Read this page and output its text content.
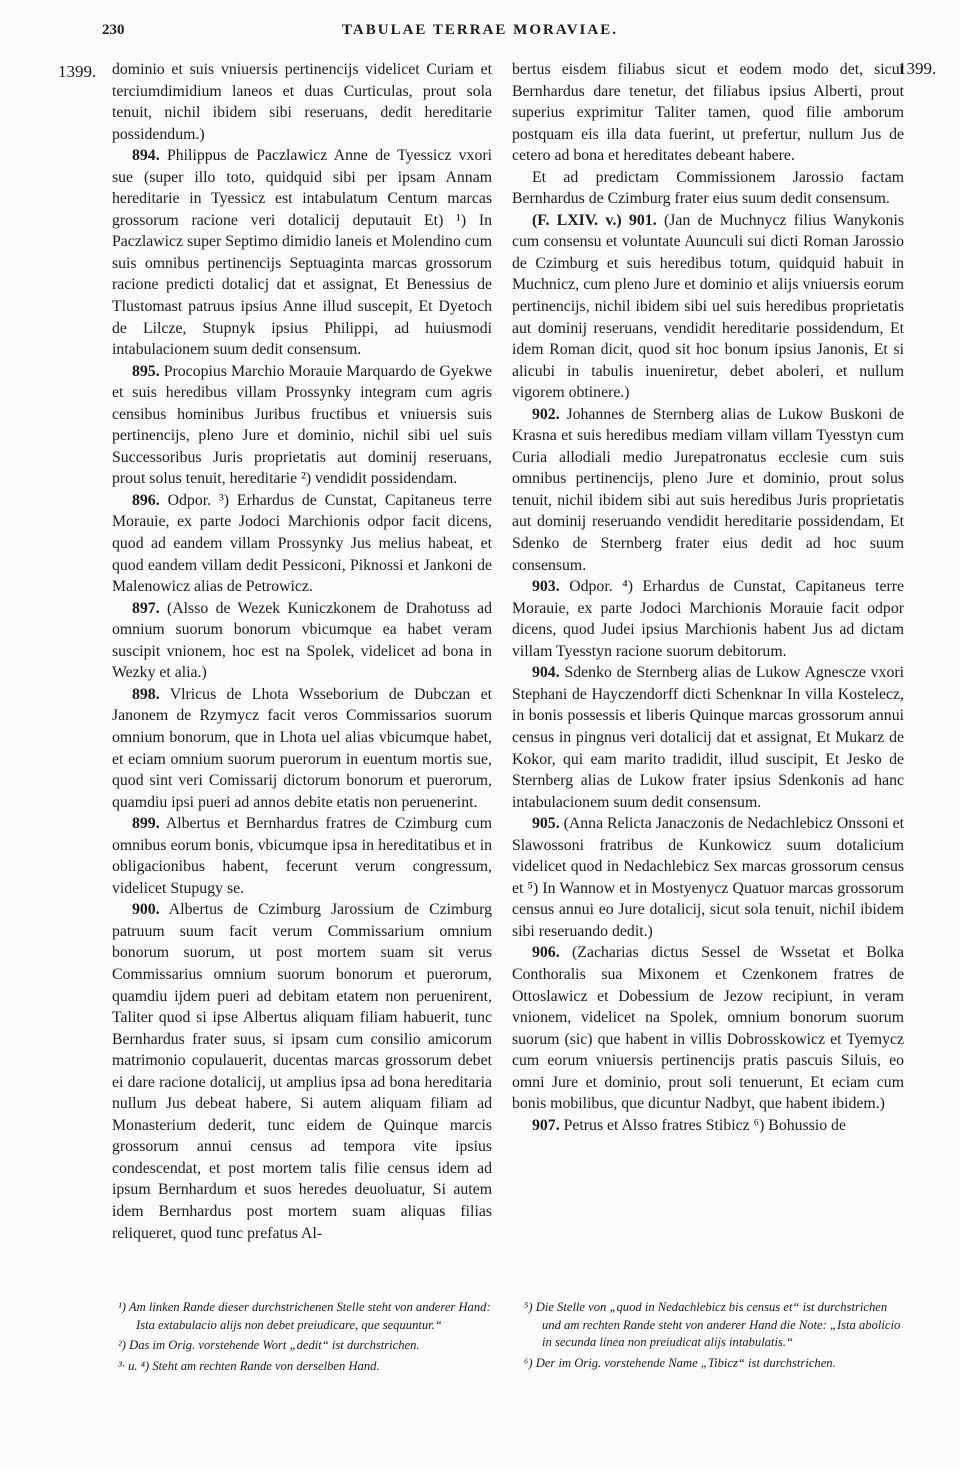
230	TABULAE TERRAE MORAVIAE.
1399.	1399.

dominio et suis vniuersis pertinencijs videlicet Curiam et terciumdimidium laneos et duas Curticulas, prout sola tenuit, nichil ibidem sibi reseruans, dedit hereditarie possidendum.)

894. Philippus de Paczlawicz Anne de Tyessicz vxori sue (super illo toto, quidquid sibi per ipsam Annam hereditarie in Tyessicz est intabulatum Centum marcas grossorum racione veri dotalicij deputauit Et) ¹) In Paczlawicz super Septimo dimidio laneis et Molendino cum suis omnibus pertinencijs Septuaginta marcas grossorum racione predicti dotalicj dat et assignat, Et Benessius de Tlustomast patruus ipsius Anne illud suscepit, Et Dyetoch de Lilcze, Stupnyk ipsius Philippi, ad huiusmodi intabulacionem suum dedit consensum.

895. Procopius Marchio Morauie Marquardo de Gyekwe et suis heredibus villam Prossynky integram cum agris censibus hominibus Juribus fructibus et vniuersis suis pertinencijs, pleno Jure et dominio, nichil sibi uel suis Successoribus Juris proprietatis aut dominij reseruans, prout solus tenuit, hereditarie ²) vendidit possidendam.

896. Odpor. ³) Erhardus de Cunstat, Capitaneus terre Morauie, ex parte Jodoci Marchionis odpor facit dicens, quod ad eandem villam Prossynky Jus melius habeat, et quod eandem villam dedit Pessiconi, Piknossi et Jankoni de Malenowicz alias de Petrowicz.

897. (Alsso de Wezek Kuniczkonem de Drahotuss ad omnium suorum bonorum vbicumque ea habet veram suscipit vnionem, hoc est na Spolek, videlicet ad bona in Wezky et alia.)

898. Vlricus de Lhota Wsseborium de Dubczan et Janonem de Rzymycz facit veros Commissarios suorum omnium bonorum, que in Lhota uel alias vbicumque habet, et eciam omnium suorum puerorum in euentum mortis sue, quod sint veri Comissarij dictorum bonorum et puerorum, quamdiu ipsi pueri ad annos debite etatis non peruenerint.

899. Albertus et Bernhardus fratres de Czimburg cum omnibus eorum bonis, vbicumque ipsa in hereditatibus et in obligacionibus habent, fecerunt verum congressum, videlicet Stupugy se.

900. Albertus de Czimburg Jarossium de Czimburg patruum suum facit verum Commissarium omnium bonorum suorum, ut post mortem suam sit verus Commissarius omnium suorum bonorum et puerorum, quamdiu ijdem pueri ad debitam etatem non peruenirent, Taliter quod si ipse Albertus aliquam filiam habuerit, tunc Bernhardus frater suus, si ipsam cum consilio amicorum matrimonio copulauerit, ducentas marcas grossorum debet ei dare racione dotalicij, ut amplius ipsa ad bona hereditaria nullum Jus debeat habere, Si autem aliquam filiam ad Monasterium dederit, tunc eidem de Quinque marcis grossorum annui census ad tempora vite ipsius condescendat, et post mortem talis filie census idem ad ipsum Bernhardum et suos heredes deuoluatur, Si autem idem Bernhardus post mortem suam aliquas filias reliqueret, quod tunc prefatus Al-

bertus eisdem filiabus sicut et eodem modo det, sicut Bernhardus dare tenetur, det filiabus ipsius Alberti, prout superius exprimitur Taliter tamen, quod filie amborum postquam eis illa data fuerint, ut prefertur, nullum Jus de cetero ad bona et hereditates debeant habere.

Et ad predictam Commissionem Jarossio factam Bernhardus de Czimburg frater eius suum dedit consensum.

(F. LXIV. v.) 901. (Jan de Muchnycz filius Wanykonis cum consensu et voluntate Auunculi sui dicti Roman Jarossio de Czimburg et suis heredibus totum, quidquid habuit in Muchnicz, cum pleno Jure et dominio et alijs vniuersis eorum pertinencijs, nichil ibidem sibi uel suis heredibus proprietatis aut dominij reseruans, vendidit hereditarie possidendum, Et idem Roman dicit, quod sit hoc bonum ipsius Janonis, Et si alicubi in tabulis inueniretur, debet aboleri, et nullum vigorem obtinere.)

902. Johannes de Sternberg alias de Lukow Buskoni de Krasna et suis heredibus mediam villam villam Tyesstyn cum Curia allodiali medio Jurepatronatus ecclesie cum suis omnibus pertinencijs, pleno Jure et dominio, prout solus tenuit, nichil ibidem sibi aut suis heredibus Juris proprietatis aut dominij reseruando vendidit hereditarie possidendam, Et Sdenko de Sternberg frater eius dedit ad hoc suum consensum.

903. Odpor. ⁴) Erhardus de Cunstat, Capitaneus terre Morauie, ex parte Jodoci Marchionis Morauie facit odpor dicens, quod Judei ipsius Marchionis habent Jus ad dictam villam Tyesstyn racione suorum debitorum.

904. Sdenko de Sternberg alias de Lukow Agnescze vxori Stephani de Hayczendorff dicti Schenknar In villa Kostelecz, in bonis possessis et liberis Quinque marcas grossorum annui census in pingnus veri dotalicij dat et assignat, Et Mukarz de Kokor, qui eam marito tradidit, illud suscipit, Et Jesko de Sternberg alias de Lukow frater ipsius Sdenkonis ad hanc intabulacionem suum dedit consensum.

905. (Anna Relicta Janaczonis de Nedachlebicz Onssoni et Slawossoni fratribus de Kunkowicz suum dotalicium videlicet quod in Nedachlebicz Sex marcas grossorum census et ⁵) In Wannow et in Mostyenycz Quatuor marcas grossorum census annui eo Jure dotalicij, sicut sola tenuit, nichil ibidem sibi reseruando dedit.)

906. (Zacharias dictus Sessel de Wssetat et Bolka Conthoralis sua Mixonem et Czenkonem fratres de Ottoslawicz et Dobessium de Jezow recipiunt, in veram vnionem, videlicet na Spolek, omnium bonorum suorum suorum (sic) que habent in villis Dobrosskowicz et Tyemycz cum eorum vniuersis pertinencijs pratis pascuis Siluis, eo omni Jure et dominio, prout soli tenuerunt, Et eciam cum bonis mobilibus, que dicuntur Nadbyt, que habent ibidem.)

907. Petrus et Alsso fratres Stibicz ⁶) Bohussio de

¹) Am linken Rande dieser durchstrichenen Stelle steht von anderer Hand: Ista extabulacio alijs non debet preiudicare, que sequuntur.“

²) Das im Orig. vorstehende Wort „dedit“ ist durchstrichen.

³· u. ⁴) Steht am rechten Rande von derselben Hand.

⁵) Die Stelle von „quod in Nedachlebicz bis census et“ ist durchstrichen und am rechten Rande steht von anderer Hand die Note: „Ista abolicio in secunda linea non preiudicat alijs intabulatis.“

⁶) Der im Orig. vorstehende Name „Tibicz“ ist durchstrichen.
